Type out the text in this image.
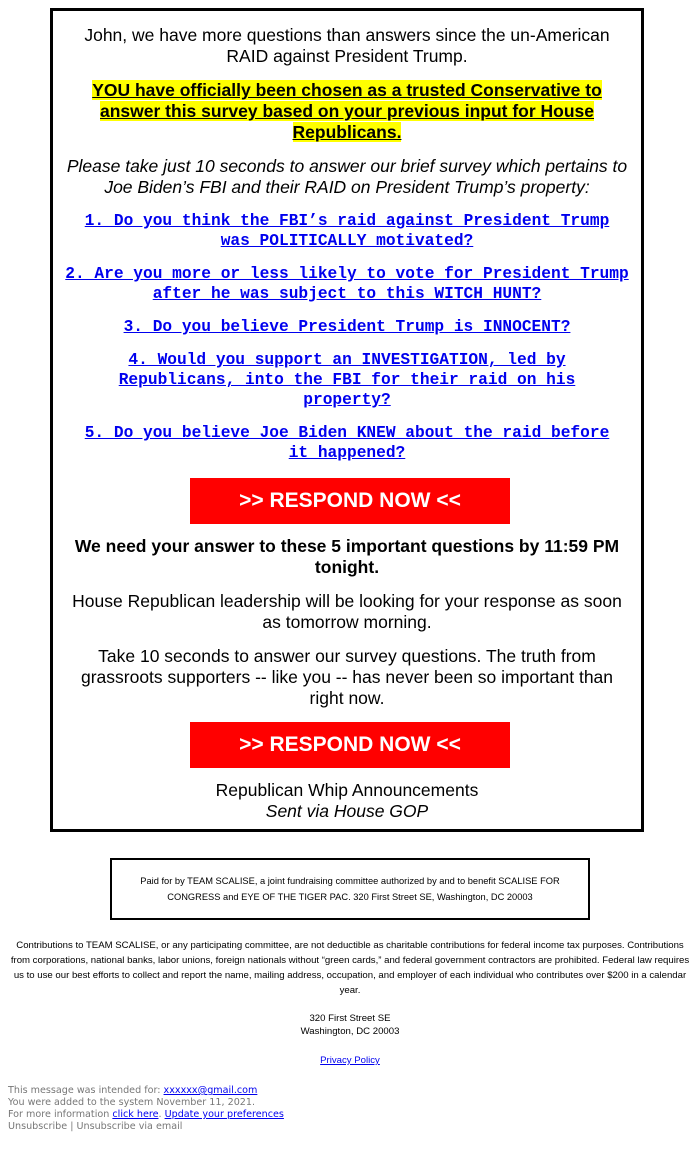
John, we have more questions than answers since the un-American RAID against President Trump.
YOU have officially been chosen as a trusted Conservative to answer this survey based on your previous input for House Republicans.
Please take just 10 seconds to answer our brief survey which pertains to Joe Biden’s FBI and their RAID on President Trump’s property:
1. Do you think the FBI’s raid against President Trump was POLITICALLY motivated?
2. Are you more or less likely to vote for President Trump after he was subject to this WITCH HUNT?
3. Do you believe President Trump is INNOCENT?
4. Would you support an INVESTIGATION, led by Republicans, into the FBI for their raid on his property?
5. Do you believe Joe Biden KNEW about the raid before it happened?
>> RESPOND NOW <<
We need your answer to these 5 important questions by 11:59 PM tonight.
House Republican leadership will be looking for your response as soon as tomorrow morning.
Take 10 seconds to answer our survey questions. The truth from grassroots supporters -- like you -- has never been so important than right now.
>> RESPOND NOW <<
Republican Whip Announcements
Sent via House GOP
Paid for by TEAM SCALISE, a joint fundraising committee authorized by and to benefit SCALISE FOR CONGRESS and EYE OF THE TIGER PAC. 320 First Street SE, Washington, DC 20003
Contributions to TEAM SCALISE, or any participating committee, are not deductible as charitable contributions for federal income tax purposes. Contributions from corporations, national banks, labor unions, foreign nationals without “green cards,” and federal government contractors are prohibited. Federal law requires us to use our best efforts to collect and report the name, mailing address, occupation, and employer of each individual who contributes over $200 in a calendar year.
320 First Street SE
Washington, DC 20003
Privacy Policy
This message was intended for: xxxxxx@gmail.com
You were added to the system November 11, 2021.
For more information click here. Update your preferences
Unsubscribe | Unsubscribe via email
